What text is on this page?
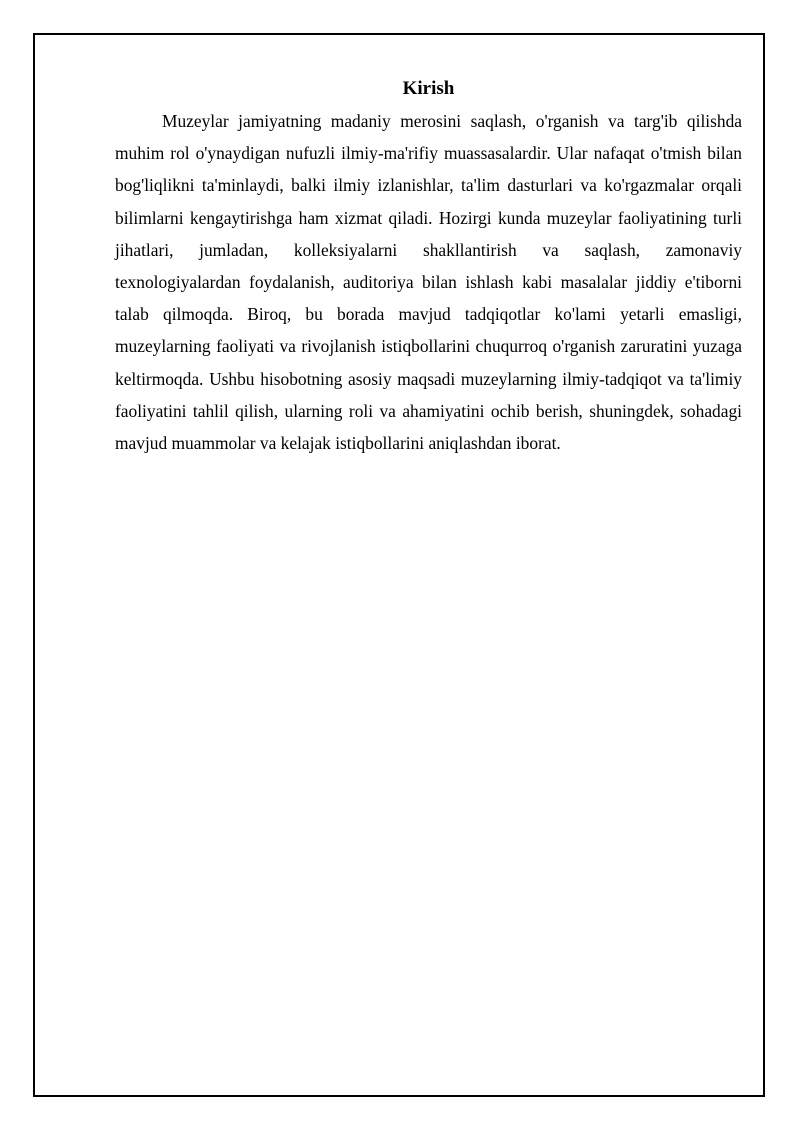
Kirish

Muzeylar jamiyatning madaniy merosini saqlash, o'rganish va targ'ib qilishda muhim rol o'ynaydigan nufuzli ilmiy-ma'rifiy muassasalardir. Ular nafaqat o'tmish bilan bog'liqlikni ta'minlaydi, balki ilmiy izlanishlar, ta'lim dasturlari va ko'rgazmalar orqali bilimlarni kengaytirishga ham xizmat qiladi. Hozirgi kunda muzeylar faoliyatining turli jihatlari, jumladan, kolleksiyalarni shakllantirish va saqlash, zamonaviy texnologiyalardan foydalanish, auditoriya bilan ishlash kabi masalalar jiddiy e'tiborni talab qilmoqda. Biroq, bu borada mavjud tadqiqotlar ko'lami yetarli emasligi, muzeylarning faoliyati va rivojlanish istiqbollarini chuqurroq o'rganish zaruratini yuzaga keltirmoqda. Ushbu hisobotning asosiy maqsadi muzeylarning ilmiy-tadqiqot va ta'limiy faoliyatini tahlil qilish, ularning roli va ahamiyatini ochib berish, shuningdek, sohadagi mavjud muammolar va kelajak istiqbollarini aniqlashdan iborat.
